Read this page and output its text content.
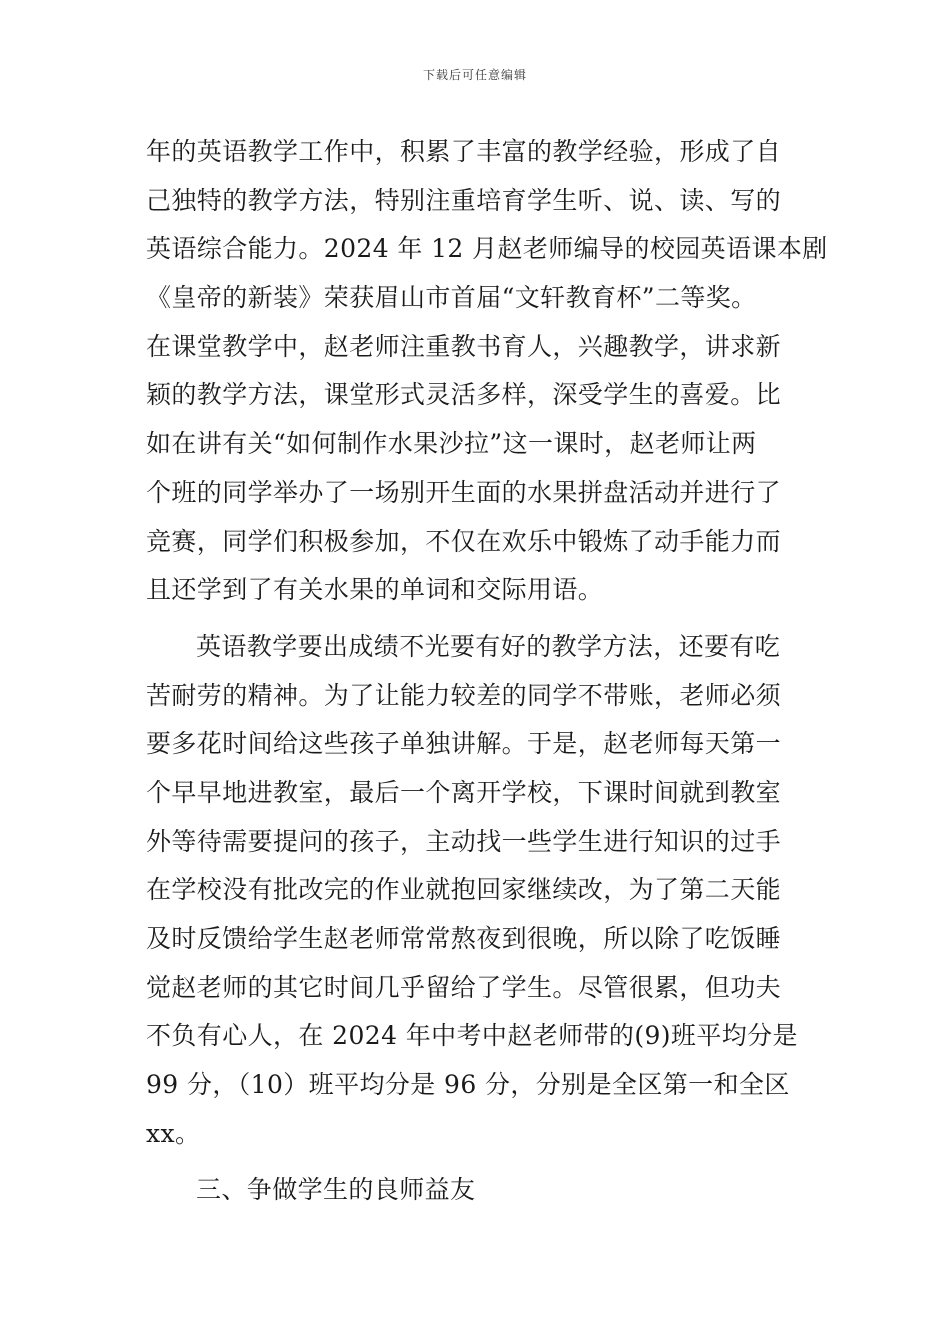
下载后可任意编辑
年的英语教学工作中，积累了丰富的教学经验，形成了自
己独特的教学方法，特别注重培育学生听、说、读、写的
英语综合能力。2024 年 12 月赵老师编导的校园英语课本剧
《皇帝的新装》荣获眉山市首届“文轩教育杯”二等奖。
在课堂教学中，赵老师注重教书育人，兴趣教学，讲求新
颖的教学方法，课堂形式灵活多样，深受学生的喜爱。比
如在讲有关“如何制作水果沙拉”这一课时，赵老师让两
个班的同学举办了一场别开生面的水果拼盘活动并进行了
竞赛，同学们积极参加，不仅在欢乐中锻炼了动手能力而
且还学到了有关水果的单词和交际用语。
英语教学要出成绩不光要有好的教学方法，还要有吃
苦耐劳的精神。为了让能力较差的同学不带账，老师必须
要多花时间给这些孩子单独讲解。于是，赵老师每天第一
个早早地进教室，最后一个离开学校，下课时间就到教室
外等待需要提问的孩子，主动找一些学生进行知识的过手
在学校没有批改完的作业就抱回家继续改，为了第二天能
及时反馈给学生赵老师常常熬夜到很晚，所以除了吃饭睡
觉赵老师的其它时间几乎留给了学生。尽管很累，但功夫
不负有心人，在 2024 年中考中赵老师带的(9)班平均分是
99 分，（10）班平均分是 96 分，分别是全区第一和全区
xx。
三、争做学生的良师益友
